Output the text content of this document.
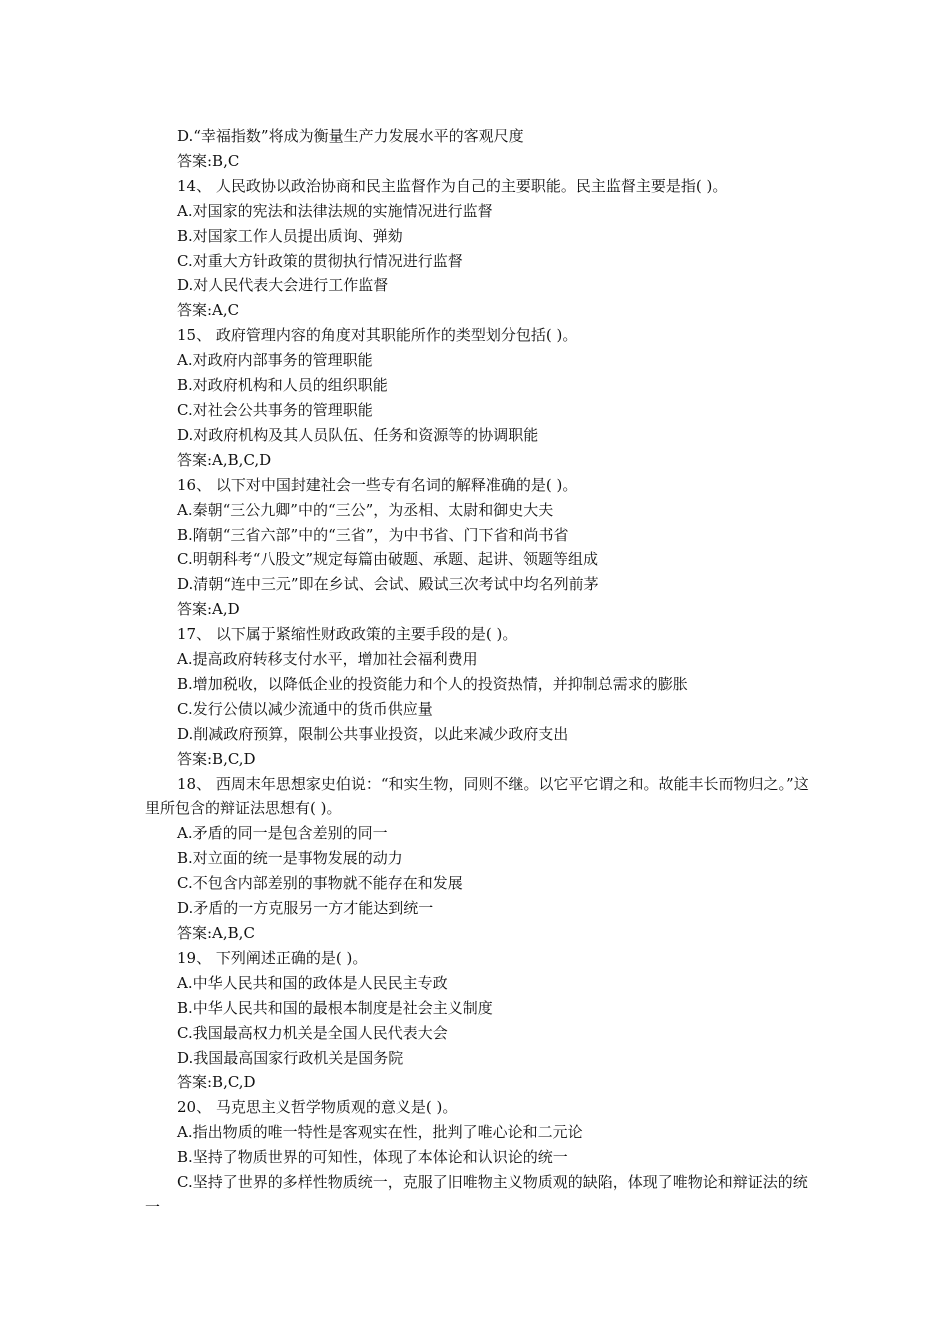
D.“幸福指数”将成为衡量生产力发展水平的客观尺度

答案:B,C

14、 人民政协以政治协商和民主监督作为自己的主要职能。民主监督主要是指( )。

A.对国家的宪法和法律法规的实施情况进行监督

B.对国家工作人员提出质询、弹劾

C.对重大方针政策的贯彻执行情况进行监督

D.对人民代表大会进行工作监督

答案:A,C

15、 政府管理内容的角度对其职能所作的类型划分包括( )。

A.对政府内部事务的管理职能

B.对政府机构和人员的组织职能

C.对社会公共事务的管理职能

D.对政府机构及其人员队伍、任务和资源等的协调职能

答案:A,B,C,D

16、 以下对中国封建社会一些专有名词的解释准确的是( )。

A.秦朝“三公九卿”中的“三公”，为丞相、太尉和御史大夫

B.隋朝“三省六部”中的“三省”，为中书省、门下省和尚书省

C.明朝科考“八股文”规定每篇由破题、承题、起讲、领题等组成

D.清朝“连中三元”即在乡试、会试、殿试三次考试中均名列前茅

答案:A,D

17、 以下属于紧缩性财政政策的主要手段的是( )。

A.提高政府转移支付水平，增加社会福利费用

B.增加税收，以降低企业的投资能力和个人的投资热情，并抑制总需求的膨胀

C.发行公债以减少流通中的货币供应量

D.削减政府预算，限制公共事业投资，以此来减少政府支出

答案:B,C,D

18、 西周末年思想家史伯说：“和实生物，同则不继。以它平它谓之和。故能丰长而物归之。”这里所包含的辩证法思想有( )。

A.矛盾的同一是包含差别的同一

B.对立面的统一是事物发展的动力

C.不包含内部差别的事物就不能存在和发展

D.矛盾的一方克服另一方才能达到统一

答案:A,B,C

19、 下列阐述正确的是( )。

A.中华人民共和国的政体是人民民主专政

B.中华人民共和国的最根本制度是社会主义制度

C.我国最高权力机关是全国人民代表大会

D.我国最高国家行政机关是国务院

答案:B,C,D

20、 马克思主义哲学物质观的意义是( )。

A.指出物质的唯一特性是客观实在性，批判了唯心论和二元论

B.坚持了物质世界的可知性，体现了本体论和认识论的统一

C.坚持了世界的多样性物质统一，克服了旧唯物主义物质观的缺陷，体现了唯物论和辩证法的统一
